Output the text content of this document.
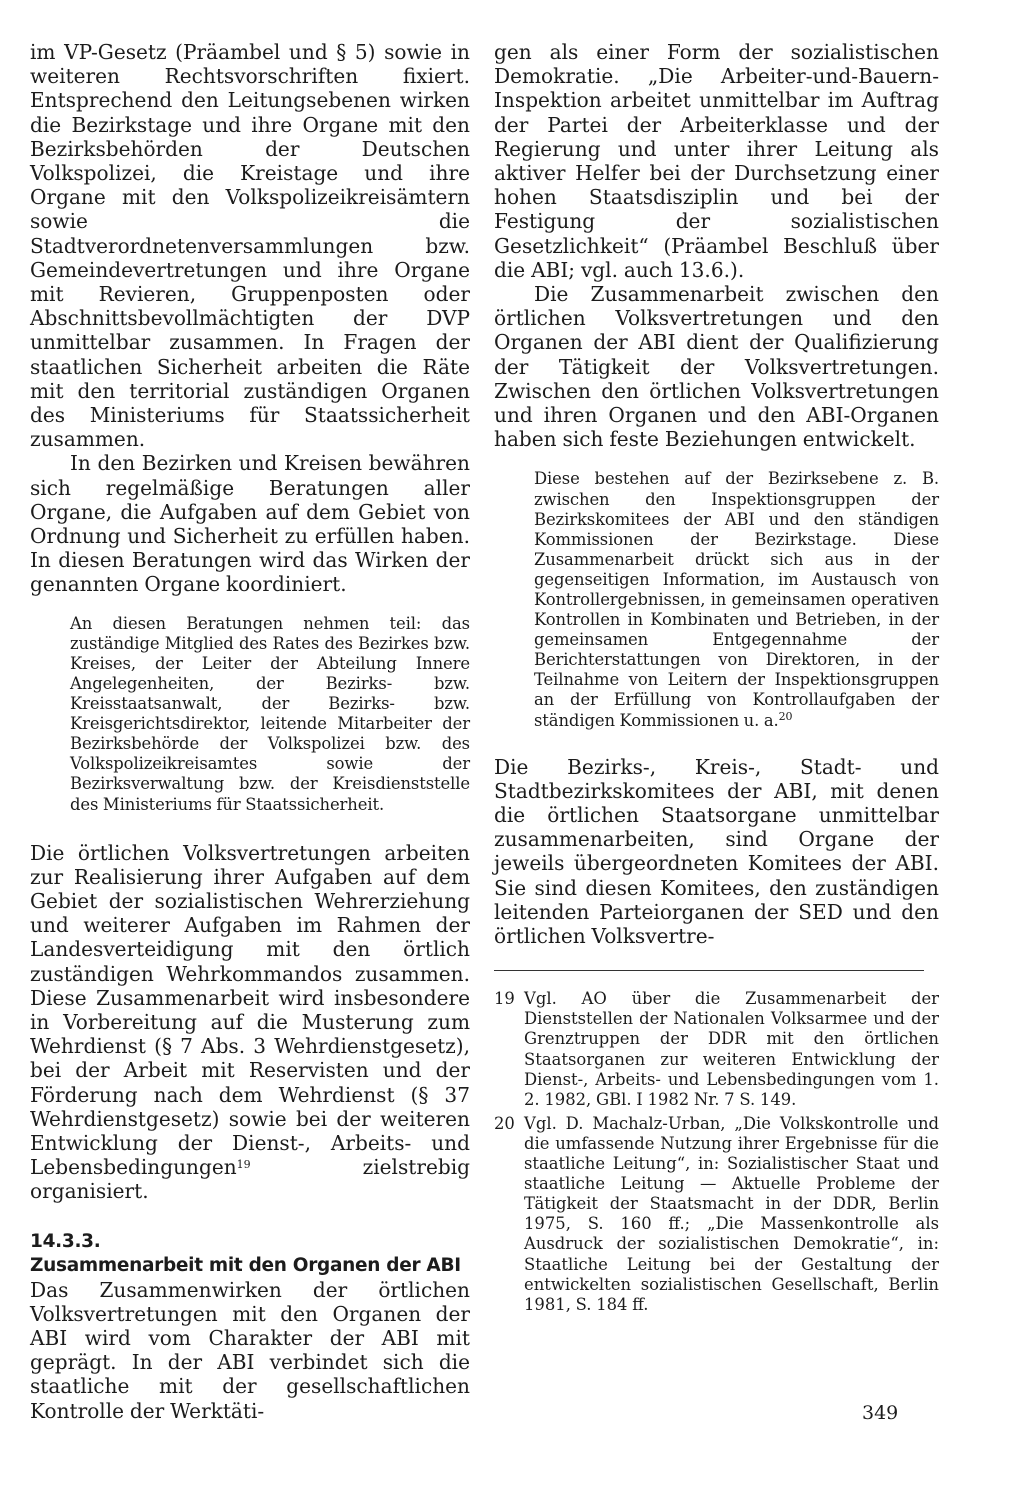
im VP-Gesetz (Präambel und § 5) sowie in weiteren Rechtsvorschriften fixiert. Entsprechend den Leitungsebenen wirken die Bezirkstage und ihre Organe mit den Bezirksbehörden der Deutschen Volkspolizei, die Kreistage und ihre Organe mit den Volkspolizeikreisämtern sowie die Stadtverordnetenversammlungen bzw. Gemeindevertretungen und ihre Organe mit Revieren, Gruppenposten oder Abschnittsbevollmächtigten der DVP unmittelbar zusammen. In Fragen der staatlichen Sicherheit arbeiten die Räte mit den territorial zuständigen Organen des Ministeriums für Staatssicherheit zusammen.

In den Bezirken und Kreisen bewähren sich regelmäßige Beratungen aller Organe, die Aufgaben auf dem Gebiet von Ordnung und Sicherheit zu erfüllen haben. In diesen Beratungen wird das Wirken der genannten Organe koordiniert.

An diesen Beratungen nehmen teil: das zuständige Mitglied des Rates des Bezirkes bzw. Kreises, der Leiter der Abteilung Innere Angelegenheiten, der Bezirks- bzw. Kreisstaatsanwalt, der Bezirks- bzw. Kreisgerichtsdirektor, leitende Mitarbeiter der Bezirksbehörde der Volkspolizei bzw. des Volkspolizeikreisamtes sowie der Bezirksverwaltung bzw. der Kreisdienststelle des Ministeriums für Staatssicherheit.

Die örtlichen Volksvertretungen arbeiten zur Realisierung ihrer Aufgaben auf dem Gebiet der sozialistischen Wehrerziehung und weiterer Aufgaben im Rahmen der Landesverteidigung mit den örtlich zuständigen Wehrkommandos zusammen. Diese Zusammenarbeit wird insbesondere in Vorbereitung auf die Musterung zum Wehrdienst (§ 7 Abs. 3 Wehrdienstgesetz), bei der Arbeit mit Reservisten und der Förderung nach dem Wehrdienst (§ 37 Wehrdienstgesetz) sowie bei der weiteren Entwicklung der Dienst-, Arbeits- und Lebensbedingungen$^{19}$ zielstrebig organisiert.

14.3.3.

Zusammenarbeit mit den Organen der ABI

Das Zusammenwirken der örtlichen Volksvertretungen mit den Organen der ABI wird vom Charakter der ABI mit geprägt. In der ABI verbindet sich die staatliche mit der gesellschaftlichen Kontrolle der Werktäti-

gen als einer Form der sozialistischen Demokratie. „Die Arbeiter-und-Bauern-Inspektion arbeitet unmittelbar im Auftrag der Partei der Arbeiterklasse und der Regierung und unter ihrer Leitung als aktiver Helfer bei der Durchsetzung einer hohen Staatsdisziplin und bei der Festigung der sozialistischen Gesetzlichkeit“ (Präambel Beschluß über die ABI; vgl. auch 13.6.).

Die Zusammenarbeit zwischen den örtlichen Volksvertretungen und den Organen der ABI dient der Qualifizierung der Tätigkeit der Volksvertretungen. Zwischen den örtlichen Volksvertretungen und ihren Organen und den ABI-Organen haben sich feste Beziehungen entwickelt.

Diese bestehen auf der Bezirksebene z. B. zwischen den Inspektionsgruppen der Bezirkskomitees der ABI und den ständigen Kommissionen der Bezirkstage. Diese Zusammenarbeit drückt sich aus in der gegenseitigen Information, im Austausch von Kontrollergebnissen, in gemeinsamen operativen Kontrollen in Kombinaten und Betrieben, in der gemeinsamen Entgegennahme der Berichterstattungen von Direktoren, in der Teilnahme von Leitern der Inspektionsgruppen an der Erfüllung von Kontrollaufgaben der ständigen Kommissionen u. a.$^{20}$

Die Bezirks-, Kreis-, Stadt- und Stadtbezirkskomitees der ABI, mit denen die örtlichen Staatsorgane unmittelbar zusammenarbeiten, sind Organe der jeweils übergeordneten Komitees der ABI. Sie sind diesen Komitees, den zuständigen leitenden Parteiorganen der SED und den örtlichen Volksvertre-

19 Vgl. AO über die Zusammenarbeit der Dienststellen der Nationalen Volksarmee und der Grenztruppen der DDR mit den örtlichen Staatsorganen zur weiteren Entwicklung der Dienst-, Arbeits- und Lebensbedingungen vom 1. 2. 1982, GBl. I 1982 Nr. 7 S. 149.
20 Vgl. D. Machalz-Urban, „Die Volkskontrolle und die umfassende Nutzung ihrer Ergebnisse für die staatliche Leitung“, in: Sozialistischer Staat und staatliche Leitung — Aktuelle Probleme der Tätigkeit der Staatsmacht in der DDR, Berlin 1975, S. 160 ff.; „Die Massenkontrolle als Ausdruck der sozialistischen Demokratie“, in: Staatliche Leitung bei der Gestaltung der entwickelten sozialistischen Gesellschaft, Berlin 1981, S. 184 ff.
349
